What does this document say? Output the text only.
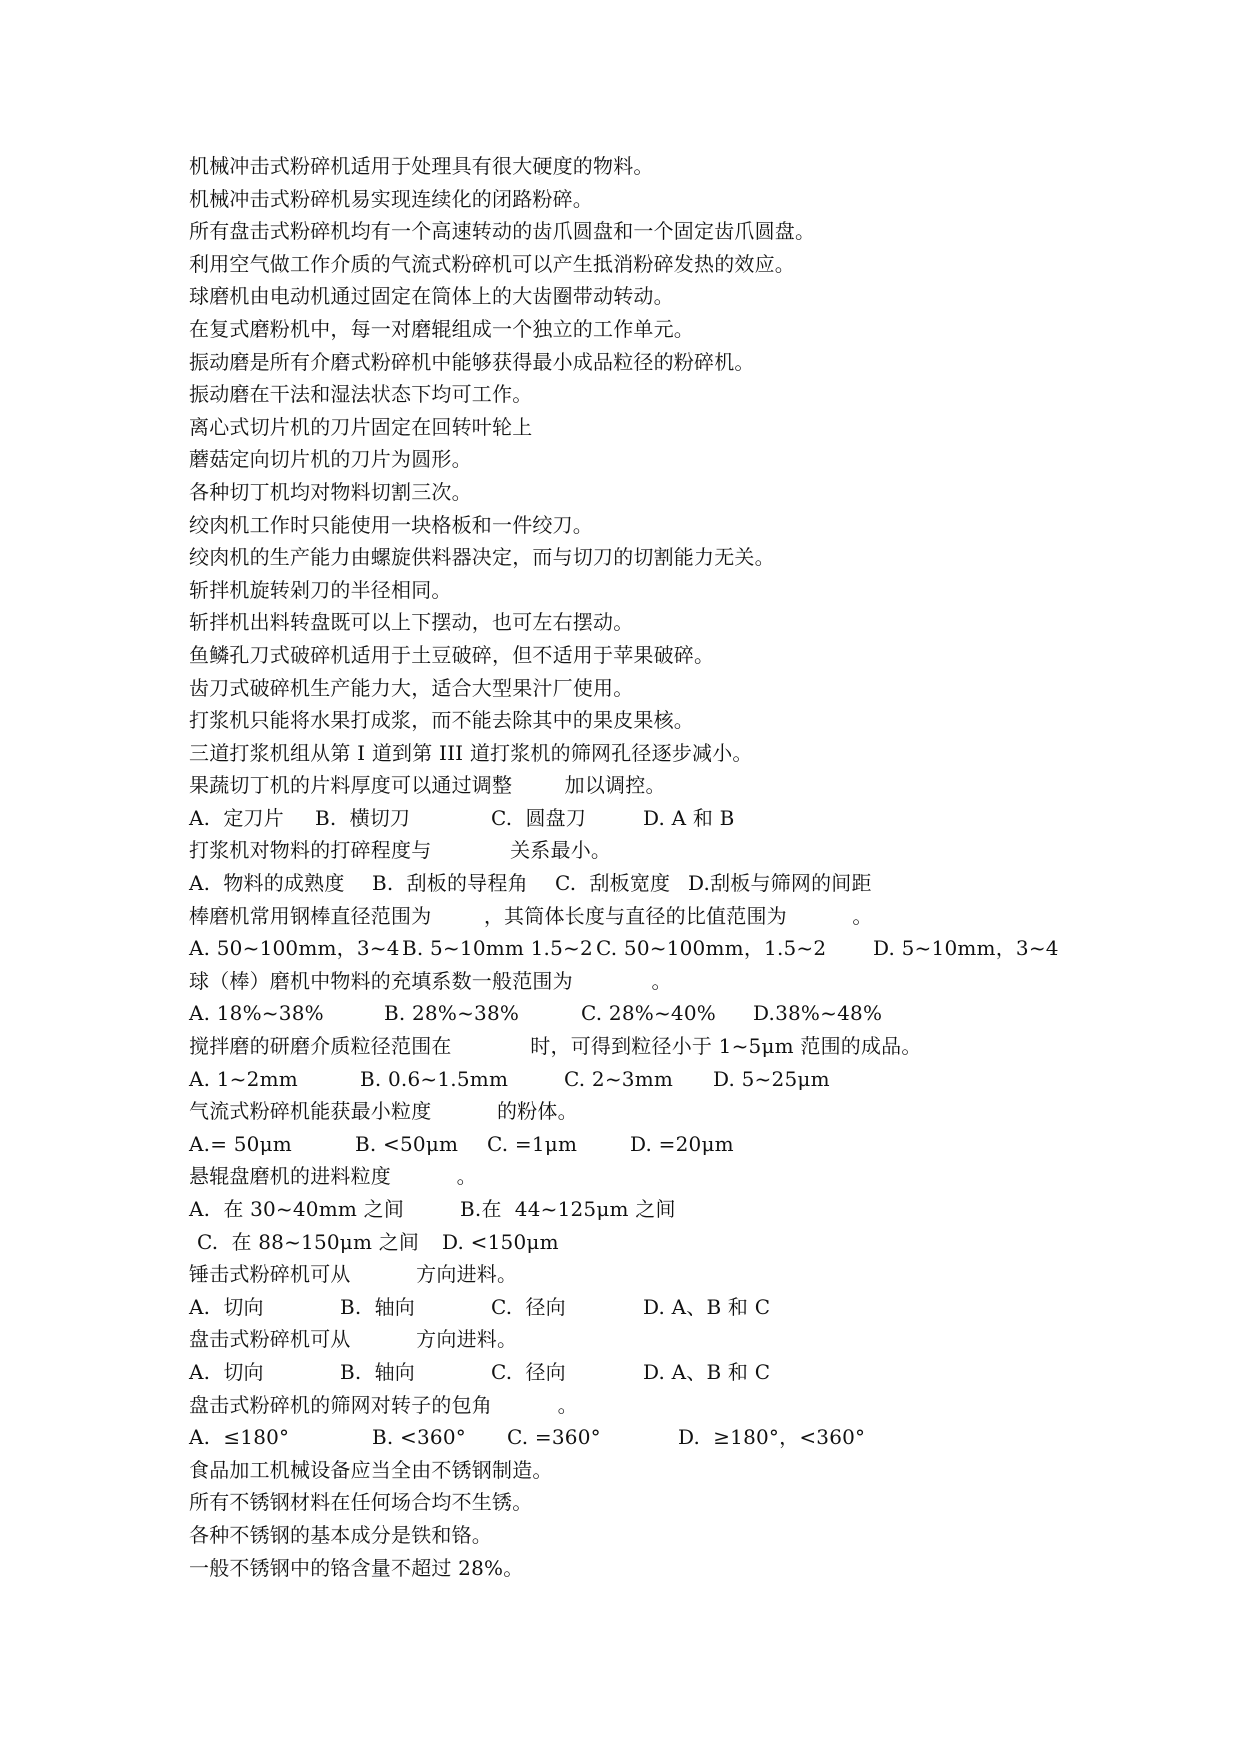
机械冲击式粉碎机适用于处理具有很大硬度的物料。
机械冲击式粉碎机易实现连续化的闭路粉碎。
所有盘击式粉碎机均有一个高速转动的齿爪圆盘和一个固定齿爪圆盘。
利用空气做工作介质的气流式粉碎机可以产生抵消粉碎发热的效应。
球磨机由电动机通过固定在筒体上的大齿圈带动转动。
在复式磨粉机中，每一对磨辊组成一个独立的工作单元。
振动磨是所有介磨式粉碎机中能够获得最小成品粒径的粉碎机。
振动磨在干法和湿法状态下均可工作。
离心式切片机的刀片固定在回转叶轮上
蘑菇定向切片机的刀片为圆形。
各种切丁机均对物料切割三次。
绞肉机工作时只能使用一块格板和一件绞刀。
绞肉机的生产能力由螺旋供料器决定，而与切刀的切割能力无关。
斩拌机旋转剁刀的半径相同。
斩拌机出料转盘既可以上下摆动，也可左右摆动。
鱼鳞孔刀式破碎机适用于土豆破碎，但不适用于苹果破碎。
齿刀式破碎机生产能力大，适合大型果汁厂使用。
打浆机只能将水果打成浆，而不能去除其中的果皮果核。
三道打浆机组从第 I 道到第 III 道打浆机的筛网孔径逐步减小。
果蔬切丁机的片料厚度可以通过调整        加以调控。

A.  定刀片

B.  横切刀

	C.  圆盘刀

	D. A 和 B

打浆机对物料的打碎程度与            关系最小。

A.  物料的成熟度

B.  刮板的导程角

C.  刮板宽度

D.刮板与筛网的间距

棒磨机常用钢棒直径范围为        ，其筒体长度与直径的比值范围为          。

A. 50~100mm，3~4

B. 5~10mm 1.5~2

C. 50~100mm，1.5~2

D. 5~10mm，3~4

球（棒）磨机中物料的充填系数一般范围为            。

A. 18%~38%

	B. 28%~38%

	C. 28%~40%

D.38%~48%

搅拌磨的研磨介质粒径范围在            时，可得到粒径小于 1~5μm 范围的成品。

A. 1~2mm

	B. 0.6~1.5mm

	C. 2~3mm

D. 5~25μm

气流式粉碎机能获最小粒度          的粉体。

A.= 50μm

	B. <50μm

C. =1μm

	D. =20μm

悬辊盘磨机的进料粒度          。

A.  在 30~40mm 之间

	B.在  44~125μm 之间

C.  在 88~150μm 之间

D. <150μm

锤击式粉碎机可从          方向进料。

A.  切向

	B.  轴向

	C.  径向

	D. A、B 和 C

盘击式粉碎机可从          方向进料。

A.  切向

	B.  轴向

	C.  径向

	D. A、B 和 C

盘击式粉碎机的筛网对转子的包角          。

A.  ≤180°

	B. <360°

C. =360°

	D.  ≥180°，<360°

食品加工机械设备应当全由不锈钢制造。
所有不锈钢材料在任何场合均不生锈。
各种不锈钢的基本成分是铁和铬。
一般不锈钢中的铬含量不超过 28%。
